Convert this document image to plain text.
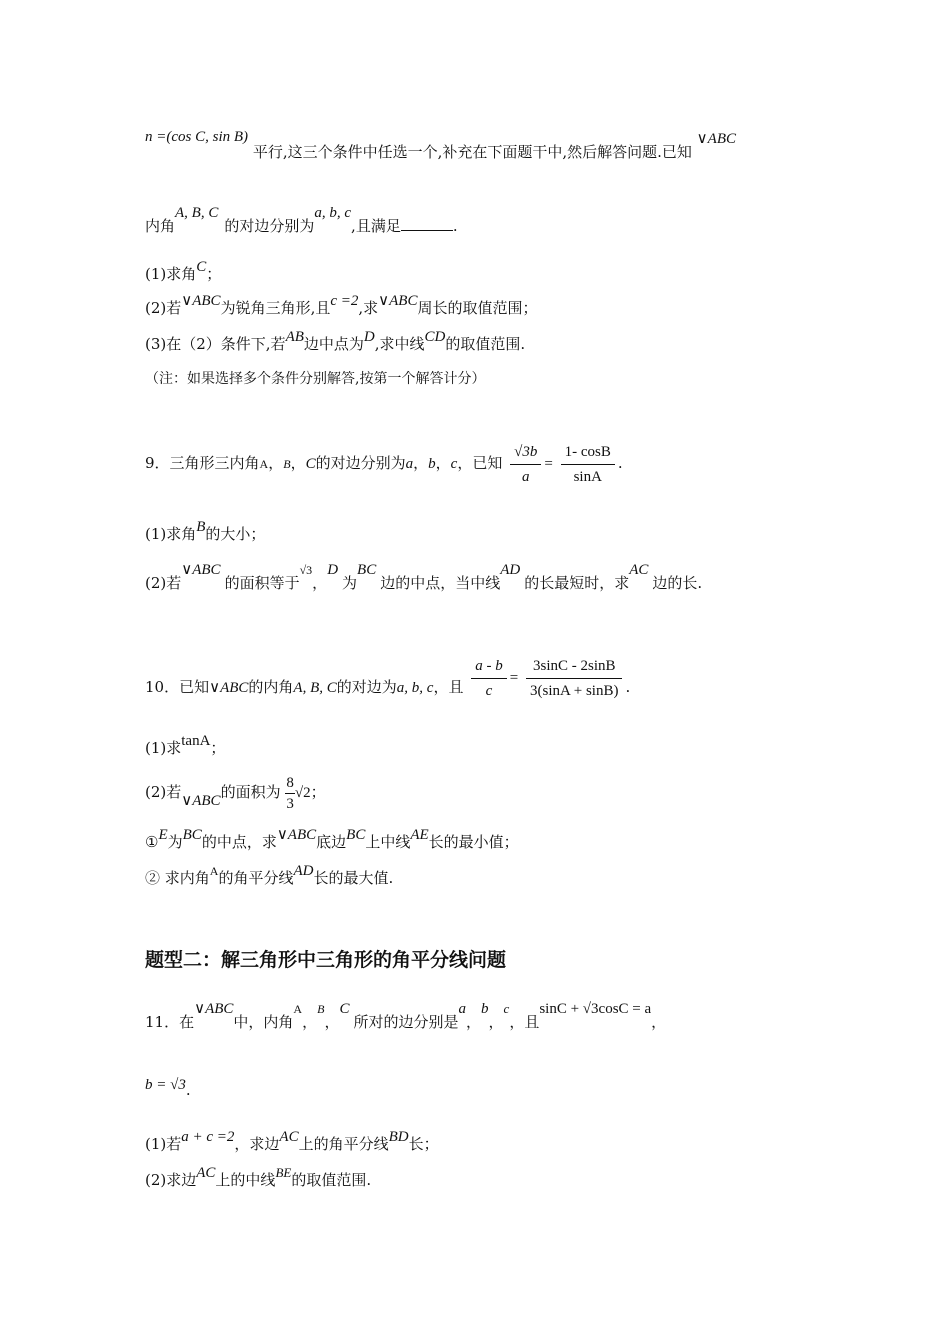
n =(cos C, sin B) 平行,这三个条件中任选一个,补充在下面题干中,然后解答问题.已知 ∨ABC
内角A, B, C的对边分别为a, b, c,且满足	.
(1)求角C；
(2)若∨ABC为锐角三角形,且c =2,求∨ABC周长的取值范围；
(3)在（2）条件下,若AB边中点为D,求中线CD的取值范围.
（注：如果选择多个条件分别解答,按第一个解答计分）
9．三角形三内角A，B，C的对边分别为a，b，c，已知 $\frac{√3b}{a} = \frac{1- \cos B}{\sin A}$ .
(1)求角B的大小；
(2)若∨ABC的面积等于$^{√3}$，D为BC边的中点，当中线AD的长最短时，求AC边的长.
10．已知∨ABC的内角A, B, C的对边为a, b, c，且 $\frac{a - b}{c} = \frac{3\sin C - 2\sin B}{3(\sin A + \sin B)}$ .
(1)求tanA；
(2)若∨ABC的面积为 $\frac{8}{3} √2$；
①E为BC的中点，求∨ABC底边BC上中线AE长的最小值；
② 求内角$^A$的角平分线AD长的最大值.
题型二：解三角形中三角形的角平分线问题
11．在∨ABC中，内角$^A$，$^B$，C所对的边分别是a，b，c，且sinC + √3cosC = a，
b = √3.
(1)若a + c =2，求边AC上的角平分线BD长；
(2)求边AC上的中线BE的取值范围.
